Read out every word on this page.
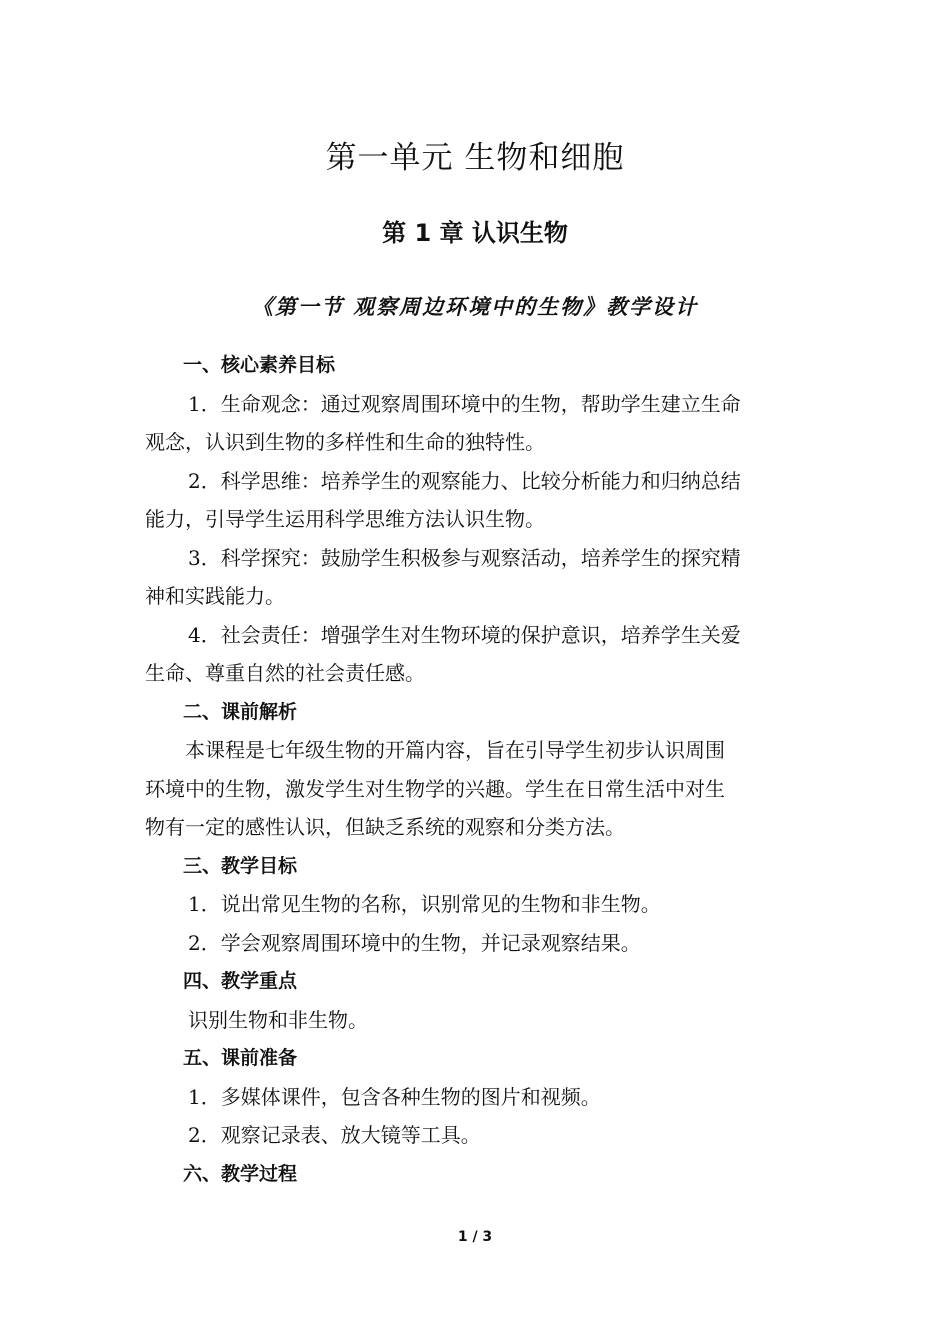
第一单元 生物和细胞
第 1 章 认识生物
《第一节 观察周边环境中的生物》教学设计
一、核心素养目标
1．生命观念：通过观察周围环境中的生物，帮助学生建立生命
观念，认识到生物的多样性和生命的独特性。
2．科学思维：培养学生的观察能力、比较分析能力和归纳总结
能力，引导学生运用科学思维方法认识生物。
3．科学探究：鼓励学生积极参与观察活动，培养学生的探究精
神和实践能力。
4．社会责任：增强学生对生物环境的保护意识，培养学生关爱
生命、尊重自然的社会责任感。
二、课前解析
本课程是七年级生物的开篇内容，旨在引导学生初步认识周围
环境中的生物，激发学生对生物学的兴趣。学生在日常生活中对生
物有一定的感性认识，但缺乏系统的观察和分类方法。
三、教学目标
1．说出常见生物的名称，识别常见的生物和非生物。
2．学会观察周围环境中的生物，并记录观察结果。
四、教学重点
识别生物和非生物。
五、课前准备
1．多媒体课件，包含各种生物的图片和视频。
2．观察记录表、放大镜等工具。
六、教学过程
1 / 3
